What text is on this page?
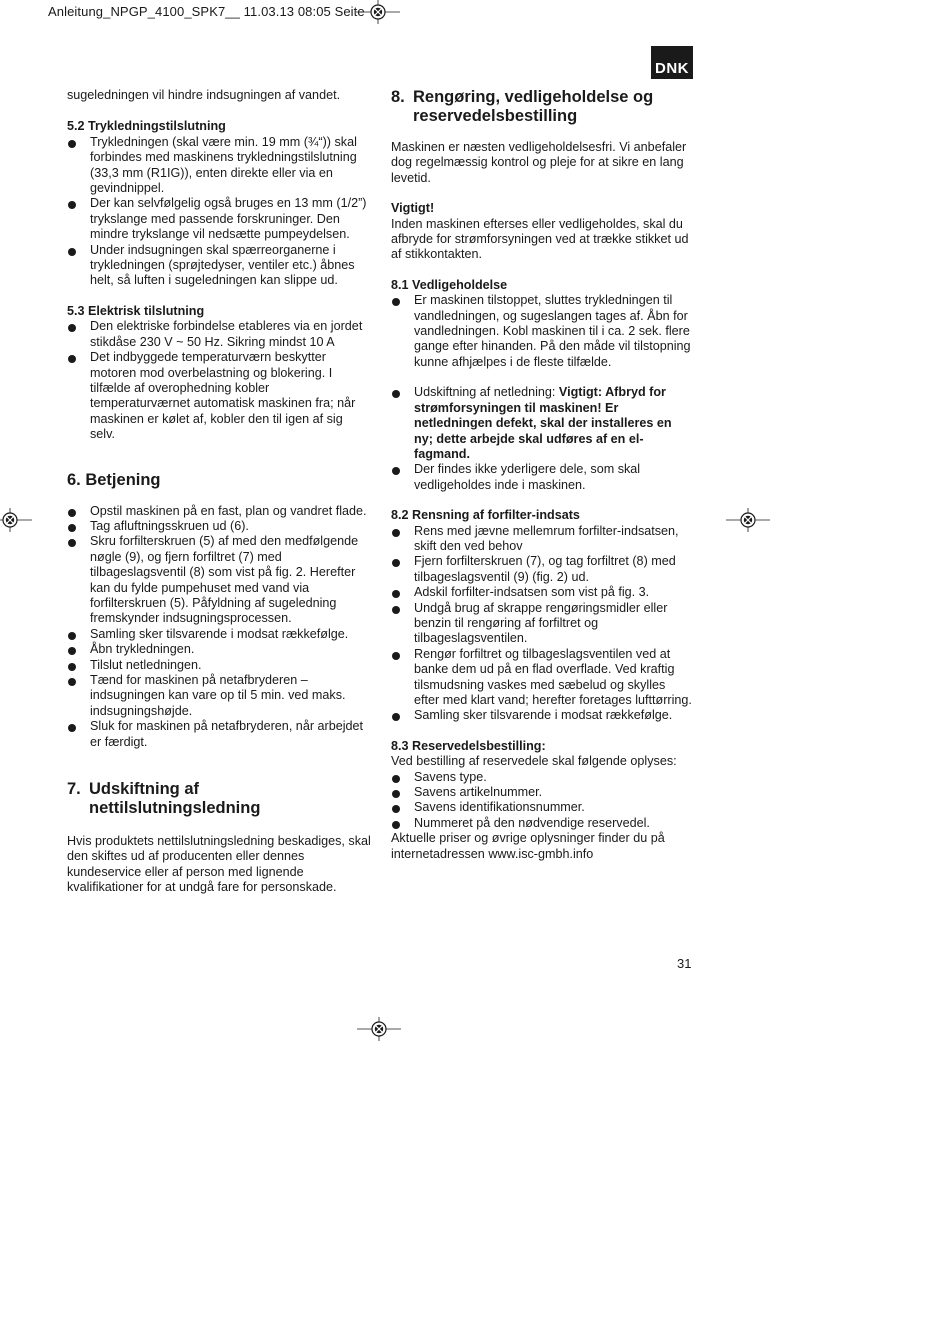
Anleitung_NPGP_4100_SPK7__ 11.03.13 08:05 Seite
DNK

sugeledningen vil hindre indsugningen af vandet.

5.2 Trykledningstilslutning

Trykledningen (skal være min. 19 mm (¾“)) skal forbindes med maskinens trykledningstilslutning (33,3 mm (R1IG)), enten direkte eller via en gevindnippel.
Der kan selvfølgelig også bruges en 13 mm (1/2”) trykslange med passende forskruninger. Den mindre trykslange vil nedsætte pumpeydelsen.
Under indsugningen skal spærreorganerne i trykledningen (sprøjtedyser, ventiler etc.) åbnes helt, så luften i sugeledningen kan slippe ud.

5.3 Elektrisk tilslutning

Den elektriske forbindelse etableres via en jordet stikdåse 230 V ~ 50 Hz. Sikring mindst 10 A
Det indbyggede temperaturværn beskytter motoren mod overbelastning og blokering. I tilfælde af overophedning kobler temperaturværnet automatisk maskinen fra; når maskinen er kølet af, kobler den til igen af sig selv.

6. Betjening

Opstil maskinen på en fast, plan og vandret flade.
Tag afluftningsskruen ud (6).
Skru forfilterskruen (5) af med den medfølgende nøgle (9), og fjern forfiltret (7) med tilbageslagsventil (8) som vist på fig. 2. Herefter kan du fylde pumpehuset med vand via forfilterskruen (5). Påfyldning af sugeledning fremskynder indsugningsprocessen.
Samling sker tilsvarende i modsat rækkefølge.
Åbn trykledningen.
Tilslut netledningen.
Tænd for maskinen på netafbryderen – indsugningen kan vare op til 5 min. ved maks. indsugningshøjde.
Sluk for maskinen på netafbryderen, når arbejdet er færdigt.
7. Udskiftning af nettilslutningsledning

Hvis produktets nettilslutningsledning beskadiges, skal den skiftes ud af producenten eller dennes kundeservice eller af person med lignende kvalifikationer for at undgå fare for personskade.

8. Rengøring, vedligeholdelse og reservedelsbestilling

Maskinen er næsten vedligeholdelsesfri. Vi anbefaler dog regelmæssig kontrol og pleje for at sikre en lang levetid.

Vigtigt!

Inden maskinen efterses eller vedligeholdes, skal du afbryde for strømforsyningen ved at trække stikket ud af stikkontakten.

8.1 Vedligeholdelse

Er maskinen tilstoppet, sluttes trykledningen til vandledningen, og sugeslangen tages af. Åbn for vandledningen. Kobl maskinen til i ca. 2 sek. flere gange efter hinanden. På den måde vil tilstopning kunne afhjælpes i de fleste tilfælde.
Udskiftning af netledning: Vigtigt: Afbryd for strømforsyningen til maskinen! Er netledningen defekt, skal der installeres en ny; dette arbejde skal udføres af en el-fagmand.
Der findes ikke yderligere dele, som skal vedligeholdes inde i maskinen.

8.2 Rensning af forfilter-indsats

Rens med jævne mellemrum forfilter-indsatsen, skift den ved behov
Fjern forfilterskruen (7), og tag forfiltret (8) med tilbageslagsventil (9) (fig. 2) ud.
Adskil forfilter-indsatsen som vist på fig. 3.
Undgå brug af skrappe rengøringsmidler eller benzin til rengøring af forfiltret og tilbageslagsventilen.
Rengør forfiltret og tilbageslagsventilen ved at banke dem ud på en flad overflade. Ved kraftig tilsmudsning vaskes med sæbelud og skylles efter med klart vand; herefter foretages lufttørring.
Samling sker tilsvarende i modsat rækkefølge.

8.3 Reservedelsbestilling:

Ved bestilling af reservedele skal følgende oplyses:

Savens type.
Savens artikelnummer.
Savens identifikationsnummer.
Nummeret på den nødvendige reservedel.

Aktuelle priser og øvrige oplysninger finder du på internetadressen www.isc-gmbh.info

31
